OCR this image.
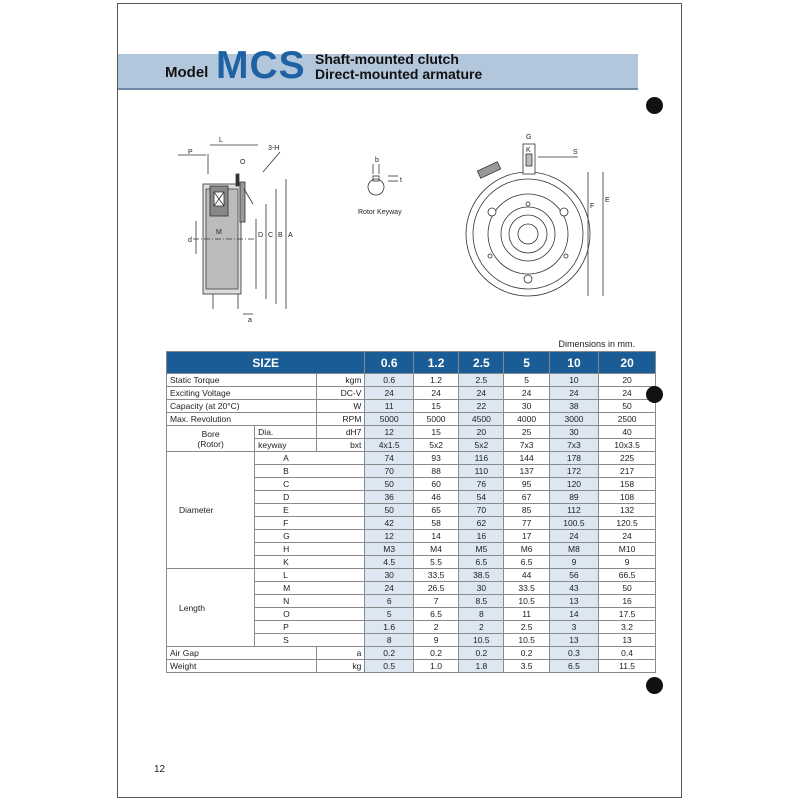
Model MCS Shaft-mounted clutch
Direct-mounted armature
L
P
O
3-H
M
d
D C B A
a
b
t
Rotor Keyway
G
K	S
F
E
Dimensions in mm.
SIZE			0.6	1.2	2.5	5	10	20
Static Torque		kgm	0.6	1.2	2.5	5	10	20
Exciting Voltage		DC-V	24	24	24	24	24	24
Capacity (at 20°C)		W	11	15	22	30	38	50
Max. Revolution		RPM	5000	5000	4500	4000	3000	2500

Bore
(Rotor)	Dia.	dH7	12	15	20	25	30	40
	keyway	bxt	4x1.5	5x2	5x2	7x3	7x3	10x3.5
Diameter	A		74	93	116	144	178	225
	B		70	88	110	137	172	217
	C		50	60	76	95	120	158
	D		36	46	54	67	89	108
	E		50	65	70	85	112	132
	F		42	58	62	77	100.5	120.5
	G		12	14	16	17	24	24
	H		M3	M4	M5	M6	M8	M10
	K		4.5	5.5	6.5	6.5	9	9
Length	L		30	33.5	38.5	44	56	66.5
	M		24	26.5	30	33.5	43	50
	N		6	7	8.5	10.5	13	16
	O		5	6.5	8	11	14	17.5
	P		1.6	2	2	2.5	3	3.2
	S		8	9	10.5	10.5	13	13
Air Gap		a	0.2	0.2	0.2	0.2	0.3	0.4
Weight		kg	0.5	1.0	1.8	3.5	6.5	11.5
12
